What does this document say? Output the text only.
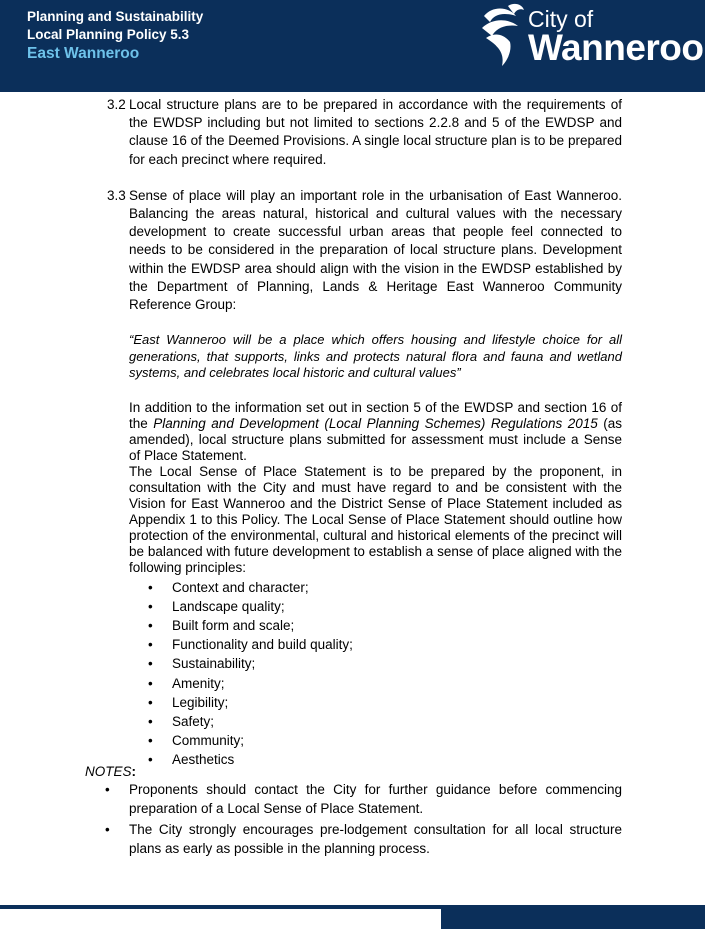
Planning and Sustainability
Local Planning Policy 5.3
East Wanneroo
City of
Wanneroo

3.2 Local structure plans are to be prepared in accordance with the requirements of the EWDSP including but not limited to sections 2.2.8 and 5 of the EWDSP and clause 16 of the Deemed Provisions. A single local structure plan is to be prepared for each precinct where required.

3.3 Sense of place will play an important role in the urbanisation of East Wanneroo. Balancing the areas natural, historical and cultural values with the necessary development to create successful urban areas that people feel connected to needs to be considered in the preparation of local structure plans. Development within the EWDSP area should align with the vision in the EWDSP established by the Department of Planning, Lands & Heritage East Wanneroo Community Reference Group:

“East Wanneroo will be a place which offers housing and lifestyle choice for all generations, that supports, links and protects natural flora and fauna and wetland systems, and celebrates local historic and cultural values”

In addition to the information set out in section 5 of the EWDSP and section 16 of the Planning and Development (Local Planning Schemes) Regulations 2015 (as amended), local structure plans submitted for assessment must include a Sense of Place Statement.

The Local Sense of Place Statement is to be prepared by the proponent, in consultation with the City and must have regard to and be consistent with the Vision for East Wanneroo and the District Sense of Place Statement included as Appendix 1 to this Policy. The Local Sense of Place Statement should outline how protection of the environmental, cultural and historical elements of the precinct will be balanced with future development to establish a sense of place aligned with the following principles:

• Context and character;
• Landscape quality;
• Built form and scale;
• Functionality and build quality;
• Sustainability;
• Amenity;
• Legibility;
• Safety;
• Community;
• Aesthetics
NOTES:
• Proponents should contact the City for further guidance before commencing preparation of a Local Sense of Place Statement.
• The City strongly encourages pre-lodgement consultation for all local structure plans as early as possible in the planning process.
